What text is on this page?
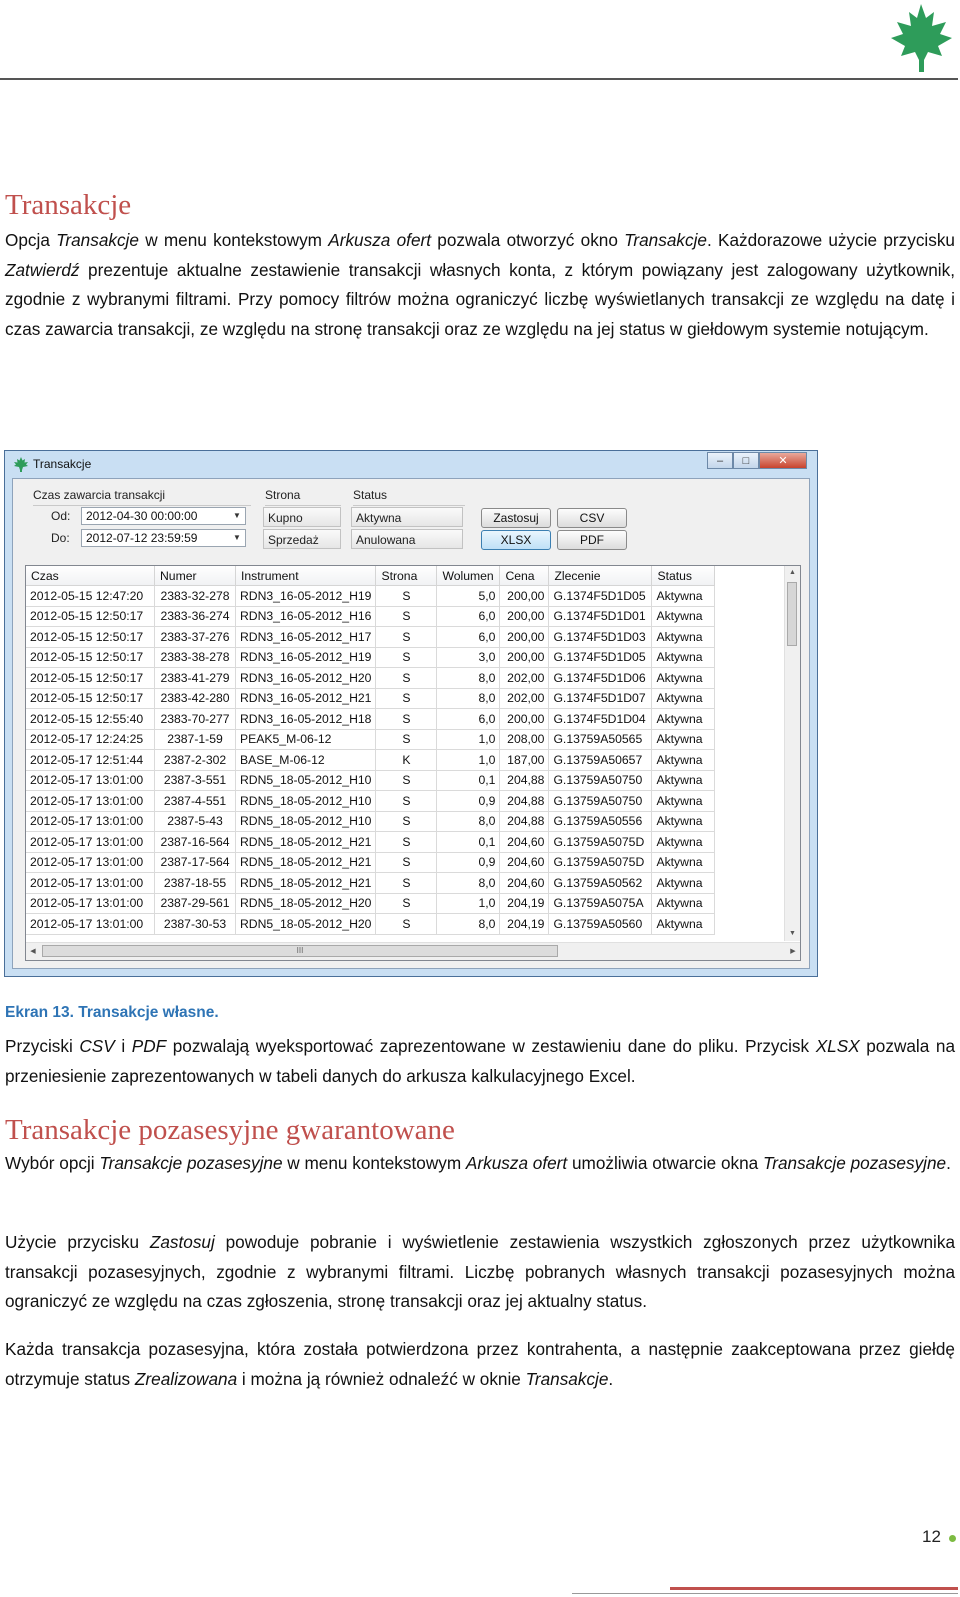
Transakcje

Opcja Transakcje w menu kontekstowym Arkusza ofert pozwala otworzyć okno Transakcje. Każdorazowe użycie przycisku Zatwierdź prezentuje aktualne zestawienie transakcji własnych konta, z którym powiązany jest zalogowany użytkownik, zgodnie z wybranymi filtrami. Przy pomocy filtrów można ograniczyć liczbę wyświetlanych transakcji ze względu na datę i czas zawarcia transakcji, ze względu na stronę transakcji oraz ze względu na jej status w giełdowym systemie notującym.

Transakcje	–	□	✕
Czas zawarcia transakcji
Od:	2012-04-30 00:00:00	▼
Do:	2012-07-12 23:59:59	▼
Strona
Kupno
Sprzedaż
Status
Aktywna
Anulowana
Zastosuj	CSV
XLSX	PDF
Czas	Numer	Instrument	Strona	Wolumen	Cena	Zlecenie	Status
2012-05-15 12:47:20	2383-32-278	RDN3_16-05-2012_H19	S	5,0	200,00	G.1374F5D1D05	Aktywna
2012-05-15 12:50:17	2383-36-274	RDN3_16-05-2012_H16	S	6,0	200,00	G.1374F5D1D01	Aktywna
2012-05-15 12:50:17	2383-37-276	RDN3_16-05-2012_H17	S	6,0	200,00	G.1374F5D1D03	Aktywna
2012-05-15 12:50:17	2383-38-278	RDN3_16-05-2012_H19	S	3,0	200,00	G.1374F5D1D05	Aktywna
2012-05-15 12:50:17	2383-41-279	RDN3_16-05-2012_H20	S	8,0	202,00	G.1374F5D1D06	Aktywna
2012-05-15 12:50:17	2383-42-280	RDN3_16-05-2012_H21	S	8,0	202,00	G.1374F5D1D07	Aktywna
2012-05-15 12:55:40	2383-70-277	RDN3_16-05-2012_H18	S	6,0	200,00	G.1374F5D1D04	Aktywna
2012-05-17 12:24:25	2387-1-59	PEAK5_M-06-12	S	1,0	208,00	G.13759A50565	Aktywna
2012-05-17 12:51:44	2387-2-302	BASE_M-06-12	K	1,0	187,00	G.13759A50657	Aktywna
2012-05-17 13:01:00	2387-3-551	RDN5_18-05-2012_H10	S	0,1	204,88	G.13759A50750	Aktywna
2012-05-17 13:01:00	2387-4-551	RDN5_18-05-2012_H10	S	0,9	204,88	G.13759A50750	Aktywna
2012-05-17 13:01:00	2387-5-43	RDN5_18-05-2012_H10	S	8,0	204,88	G.13759A50556	Aktywna
2012-05-17 13:01:00	2387-16-564	RDN5_18-05-2012_H21	S	0,1	204,60	G.13759A5075D	Aktywna
2012-05-17 13:01:00	2387-17-564	RDN5_18-05-2012_H21	S	0,9	204,60	G.13759A5075D	Aktywna
2012-05-17 13:01:00	2387-18-55	RDN5_18-05-2012_H21	S	8,0	204,60	G.13759A50562	Aktywna
2012-05-17 13:01:00	2387-29-561	RDN5_18-05-2012_H20	S	1,0	204,19	G.13759A5075A	Aktywna
2012-05-17 13:01:00	2387-30-53	RDN5_18-05-2012_H20	S	8,0	204,19	G.13759A50560	Aktywna
▲
▼
◀	III	▶
Ekran 13. Transakcje własne.

Przyciski CSV i PDF pozwalają wyeksportować zaprezentowane w zestawieniu dane do pliku. Przycisk XLSX pozwala na przeniesienie zaprezentowanych w tabeli danych do arkusza kalkulacyjnego Excel.

Transakcje pozasesyjne gwarantowane

Wybór opcji Transakcje pozasesyjne w menu kontekstowym Arkusza ofert umożliwia otwarcie okna Transakcje pozasesyjne.

Użycie przycisku Zastosuj powoduje pobranie i wyświetlenie zestawienia wszystkich zgłoszonych przez użytkownika transakcji pozasesyjnych, zgodnie z wybranymi filtrami. Liczbę pobranych własnych transakcji pozasesyjnych można ograniczyć ze względu na czas zgłoszenia, stronę transakcji oraz jej aktualny status.

Każda transakcja pozasesyjna, która została potwierdzona przez kontrahenta, a następnie zaakceptowana przez giełdę otrzymuje status Zrealizowana i można ją również odnaleźć w oknie Transakcje.

12
